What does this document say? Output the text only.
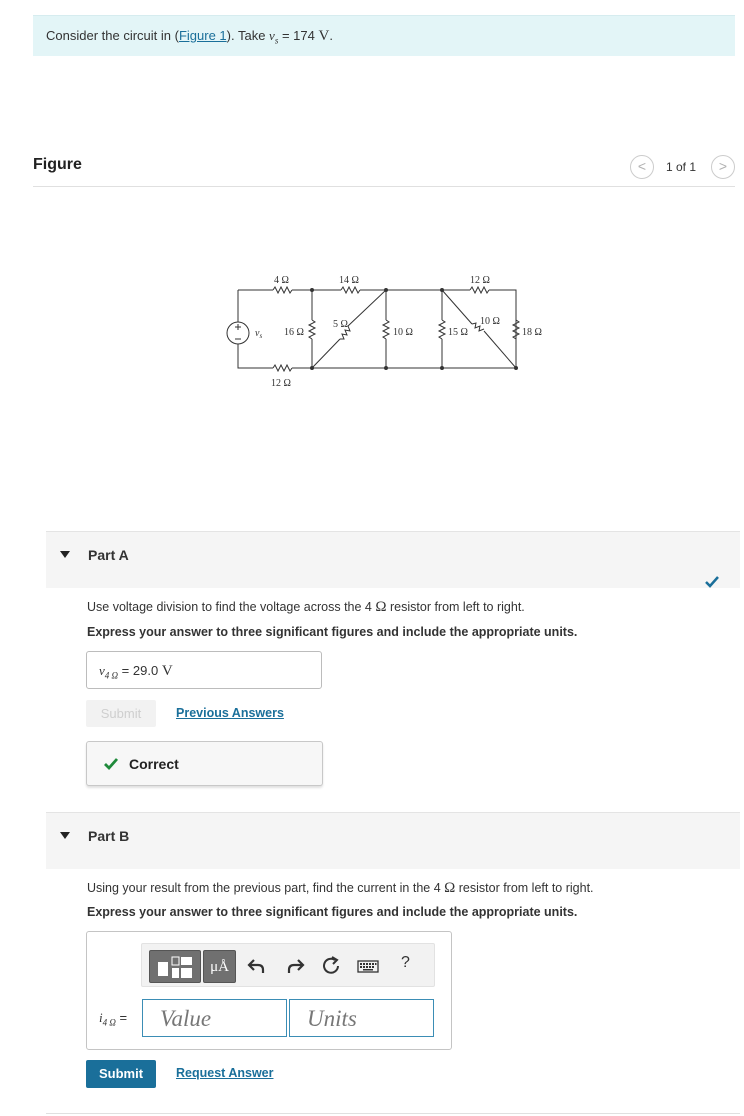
Consider the circuit in (Figure 1). Take $v_s = 174$ V.
Figure	<	1 of 1	>
$v_s$
4 Ω	14 Ω	12 Ω
16 Ω
12 Ω
5 Ω
10 Ω	15 Ω
10 Ω
18 Ω
Part A
Use voltage division to find the voltage across the 4 Ω resistor from left to right.
Express your answer to three significant figures and include the appropriate units.
$v_{4 \Omega} = 29.0$ V
Submit	Previous Answers
Correct
Part B
Using your result from the previous part, find the current in the 4 Ω resistor from left to right.
Express your answer to three significant figures and include the appropriate units.
μÅ	?
$i_{4 \Omega}$ = Value	Units
Submit	Request Answer
